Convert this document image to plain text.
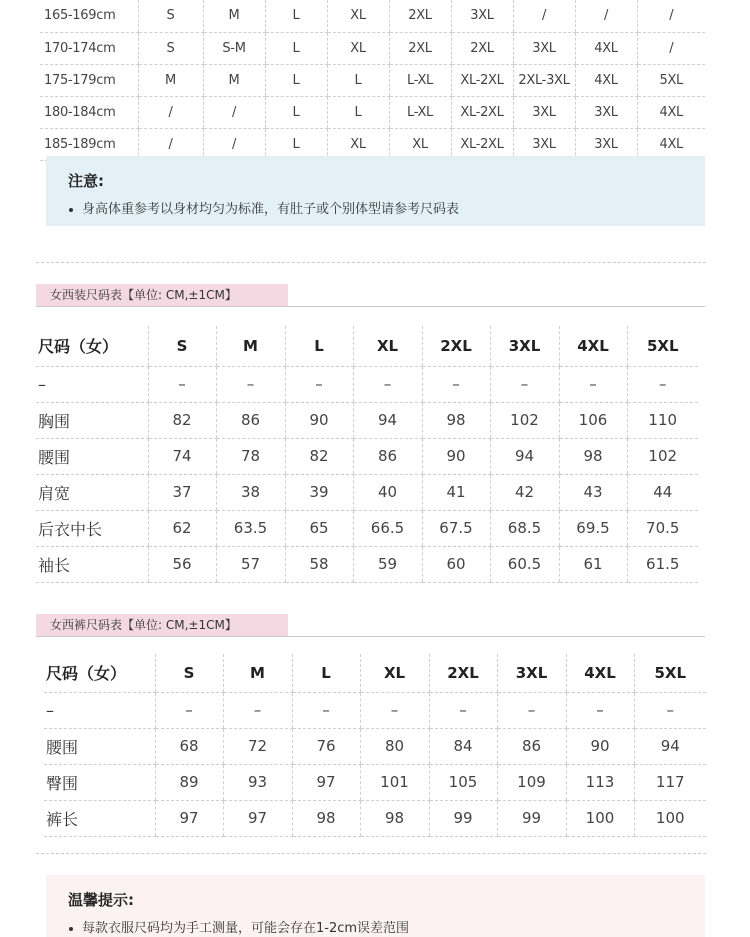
165-169cm	S	M	L	XL	2XL	3XL	/	/	/
170-174cm	S	S-M	L	XL	2XL	2XL	3XL	4XL	/
175-179cm	M	M	L	L	L-XL	XL-2XL	2XL-3XL	4XL	5XL
180-184cm	/	/	L	L	L-XL	XL-2XL	3XL	3XL	4XL
185-189cm	/	/	L	XL	XL	XL-2XL	3XL	3XL	4XL
注意:
身高体重参考以身材均匀为标准，有肚子或个别体型请参考尺码表
女西装尺码表【单位: CM,±1CM】
尺码（女）	S	M	L	XL	2XL	3XL	4XL	5XL
–	–	–	–	–	–	–	–	–
胸围	82	86	90	94	98	102	106	110
腰围	74	78	82	86	90	94	98	102
肩宽	37	38	39	40	41	42	43	44
后衣中长	62	63.5	65	66.5	67.5	68.5	69.5	70.5
袖长	56	57	58	59	60	60.5	61	61.5
女西裤尺码表【单位: CM,±1CM】
尺码（女）	S	M	L	XL	2XL	3XL	4XL	5XL
–	–	–	–	–	–	–	–	–
腰围	68	72	76	80	84	86	90	94
臀围	89	93	97	101	105	109	113	117
裤长	97	97	98	98	99	99	100	100
温馨提示:
每款衣服尺码均为手工测量，可能会存在1-2cm误差范围
